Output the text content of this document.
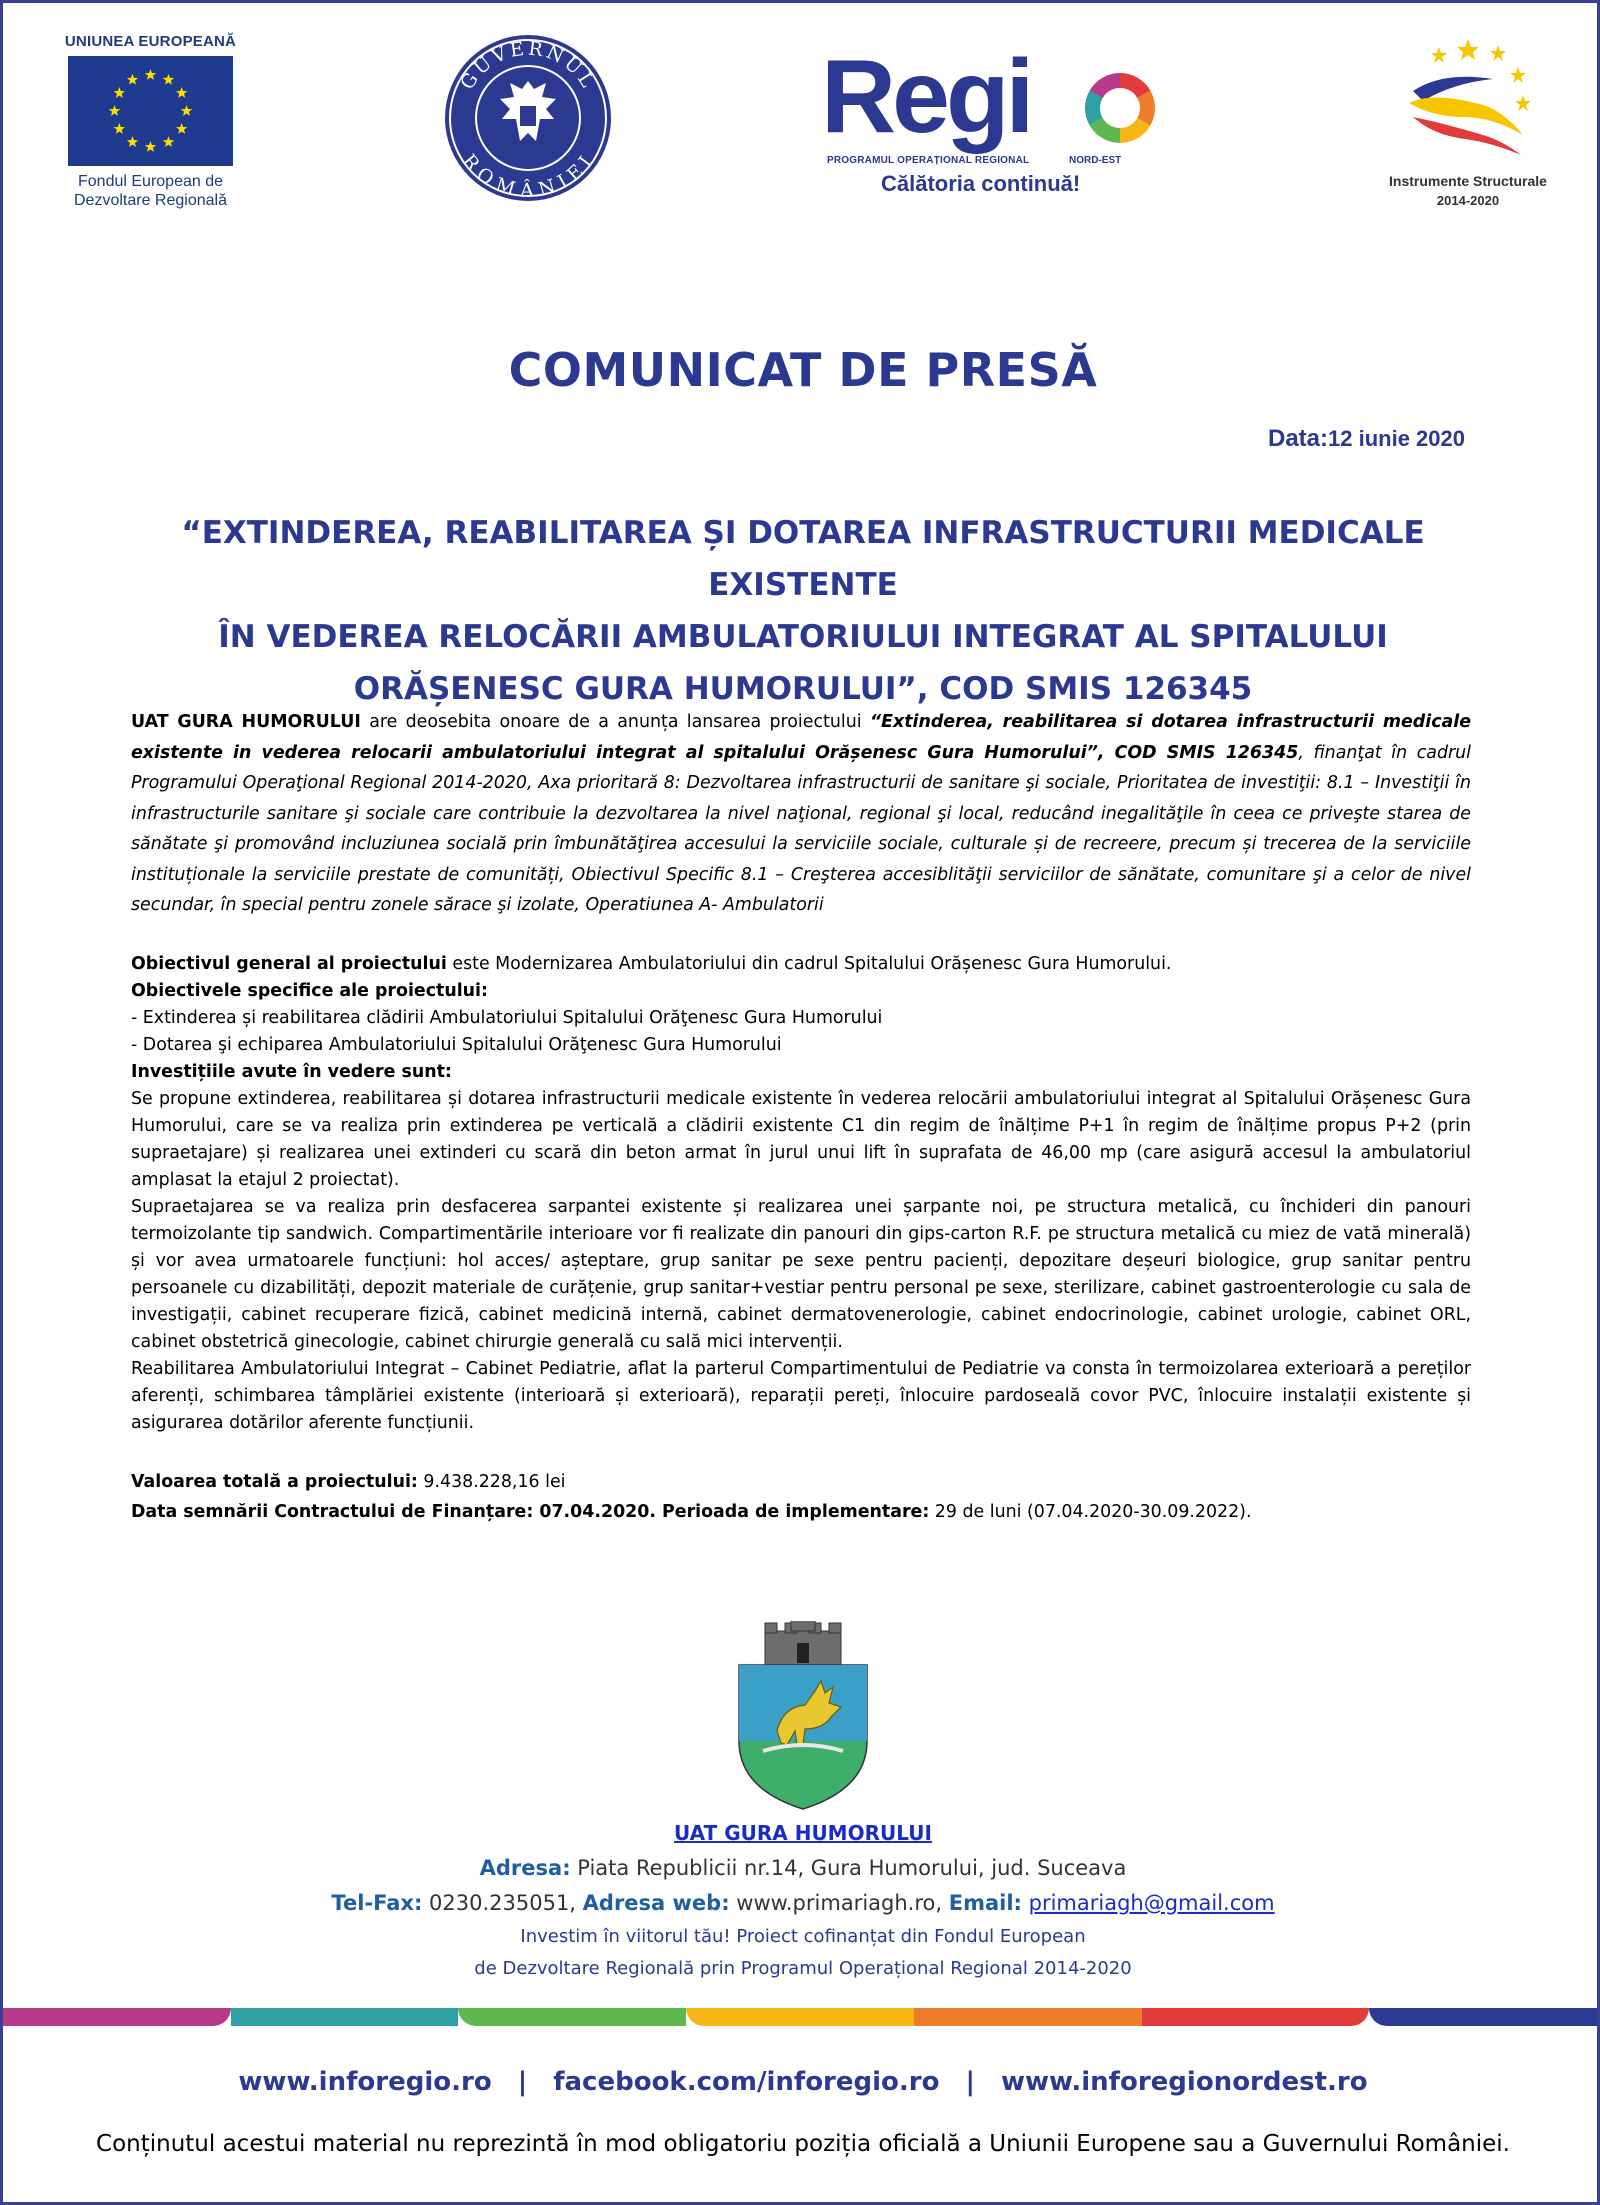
UNIUNEA EUROPEANĂ
Fondul European de
Dezvoltare Regională
GUVERNUL
ROMÂNIEI
Regi
PROGRAMUL OPERAȚIONAL REGIONAL	NORD-EST
Călătoria continuă!	Instrumente Structurale
2014-2020
COMUNICAT DE PRESĂ
Data:12 iunie 2020
“EXTINDEREA, REABILITAREA ȘI DOTAREA INFRASTRUCTURII MEDICALE EXISTENTE
ÎN VEDEREA RELOCĂRII AMBULATORIULUI INTEGRAT AL SPITALULUI
ORĂȘENESC GURA HUMORULUI”, COD SMIS 126345

UAT GURA HUMORULUI are deosebita onoare de a anunța lansarea proiectului “Extinderea, reabilitarea si dotarea infrastructurii medicale existente in vederea relocarii ambulatoriului integrat al spitalului Orășenesc Gura Humorului”, COD SMIS 126345, finanţat în cadrul Programului Operaţional Regional 2014-2020, Axa prioritară 8: Dezvoltarea infrastructurii de sanitare şi sociale, Prioritatea de investiţii: 8.1 – Investiţii în infrastructurile sanitare şi sociale care contribuie la dezvoltarea la nivel naţional, regional şi local, reducând inegalităţile în ceea ce priveşte starea de sănătate şi promovând incluziunea socială prin îmbunătăţirea accesului la serviciile sociale, culturale și de recreere, precum și trecerea de la serviciile instituționale la serviciile prestate de comunități, Obiectivul Specific 8.1 – Creşterea accesiblităţii serviciilor de sănătate, comunitare şi a celor de nivel secundar, în special pentru zonele sărace şi izolate, Operatiunea A- Ambulatorii

Obiectivul general al proiectului este Modernizarea Ambulatoriului din cadrul Spitalului Orășenesc Gura Humorului.

Obiectivele specifice ale proiectului:

- Extinderea și reabilitarea clădirii Ambulatoriului Spitalului Orăţenesc Gura Humorului

- Dotarea şi echiparea Ambulatoriului Spitalului Orăţenesc Gura Humorului

Investițiile avute în vedere sunt:

Se propune extinderea, reabilitarea și dotarea infrastructurii medicale existente în vederea relocării ambulatoriului integrat al Spitalului Orășenesc Gura Humorului, care se va realiza prin extinderea pe verticală a clădirii existente C1 din regim de înălțime P+1 în regim de înălțime propus P+2 (prin supraetajare) și realizarea unei extinderi cu scară din beton armat în jurul unui lift în suprafata de 46,00 mp (care asigură accesul la ambulatoriul amplasat la etajul 2 proiectat).

Supraetajarea se va realiza prin desfacerea sarpantei existente și realizarea unei șarpante noi, pe structura metalică, cu închideri din panouri termoizolante tip sandwich. Compartimentările interioare vor fi realizate din panouri din gips-carton R.F. pe structura metalică cu miez de vată minerală) și vor avea urmatoarele funcțiuni: hol acces/ așteptare, grup sanitar pe sexe pentru pacienți, depozitare deșeuri biologice, grup sanitar pentru persoanele cu dizabilități, depozit materiale de curățenie, grup sanitar+vestiar pentru personal pe sexe, sterilizare, cabinet gastroenterologie cu sala de investigații, cabinet recuperare fizică, cabinet medicină internă, cabinet dermatovenerologie, cabinet endocrinologie, cabinet urologie, cabinet ORL, cabinet obstetrică ginecologie, cabinet chirurgie generală cu sală mici intervenții.

Reabilitarea Ambulatoriului Integrat – Cabinet Pediatrie, aflat la parterul Compartimentului de Pediatrie va consta în termoizolarea exterioară a pereților aferenți, schimbarea tâmplăriei existente (interioară și exterioară), reparații pereți, înlocuire pardoseală covor PVC, înlocuire instalații existente și asigurarea dotărilor aferente funcțiunii.

Valoarea totală a proiectului: 9.438.228,16 lei

Data semnării Contractului de Finanțare: 07.04.2020. Perioada de implementare: 29 de luni (07.04.2020-30.09.2022).

UAT GURA HUMORULUI
Adresa: Piata Republicii nr.14, Gura Humorului, jud. Suceava
Tel-Fax: 0230.235051, Adresa web: www.primariagh.ro, Email: primariagh@gmail.com
Investim în viitorul tău! Proiect cofinanțat din Fondul European
de Dezvoltare Regională prin Programul Operațional Regional 2014-2020
www.inforegio.ro | facebook.com/inforegio.ro | www.inforegionordest.ro
Conținutul acestui material nu reprezintă în mod obligatoriu poziția oficială a Uniunii Europene sau a Guvernului României.
